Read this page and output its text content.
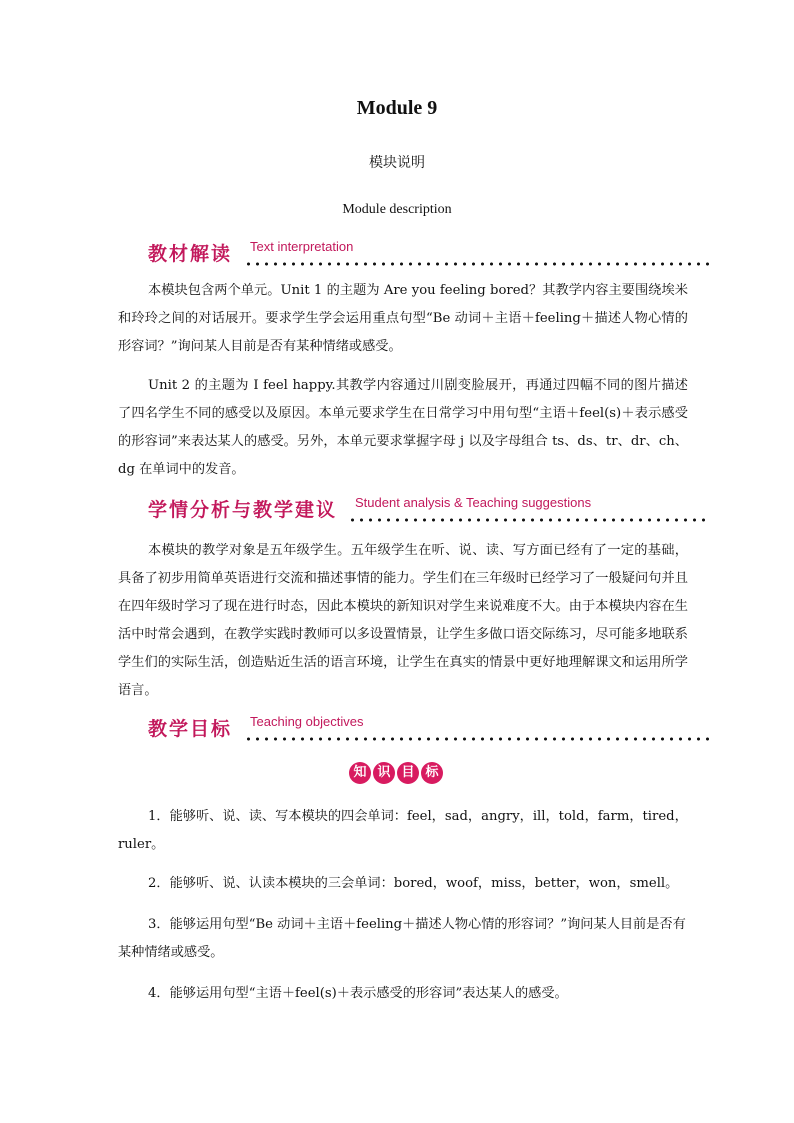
Module 9
模块说明
Module description
教材解读 Text interpretation

本模块包含两个单元。Unit 1 的主题为 Are you feeling bored？其教学内容主要围绕埃米和玲玲之间的对话展开。要求学生学会运用重点句型“Be 动词＋主语＋feeling＋描述人物心情的形容词？”询问某人目前是否有某种情绪或感受。

Unit 2 的主题为 I feel happy.其教学内容通过川剧变脸展开，再通过四幅不同的图片描述了四名学生不同的感受以及原因。本单元要求学生在日常学习中用句型“主语＋feel(s)＋表示感受的形容词”来表达某人的感受。另外，本单元要求掌握字母 j 以及字母组合 ts、ds、tr、dr、ch、dg 在单词中的发音。

学情分析与教学建议 Student analysis & Teaching suggestions

本模块的教学对象是五年级学生。五年级学生在听、说、读、写方面已经有了一定的基础，具备了初步用简单英语进行交流和描述事情的能力。学生们在三年级时已经学习了一般疑问句并且在四年级时学习了现在进行时态，因此本模块的新知识对学生来说难度不大。由于本模块内容在生活中时常会遇到，在教学实践时教师可以多设置情景，让学生多做口语交际练习，尽可能多地联系学生们的实际生活，创造贴近生活的语言环境，让学生在真实的情景中更好地理解课文和运用所学语言。

教学目标 Teaching objectives
知 识 目 标

1．能够听、说、读、写本模块的四会单词：feel，sad，angry，ill，told，farm，tired，ruler。

2．能够听、说、认读本模块的三会单词：bored，woof，miss，better，won，smell。

3．能够运用句型“Be 动词＋主语＋feeling＋描述人物心情的形容词？”询问某人目前是否有某种情绪或感受。

4．能够运用句型“主语＋feel(s)＋表示感受的形容词”表达某人的感受。
